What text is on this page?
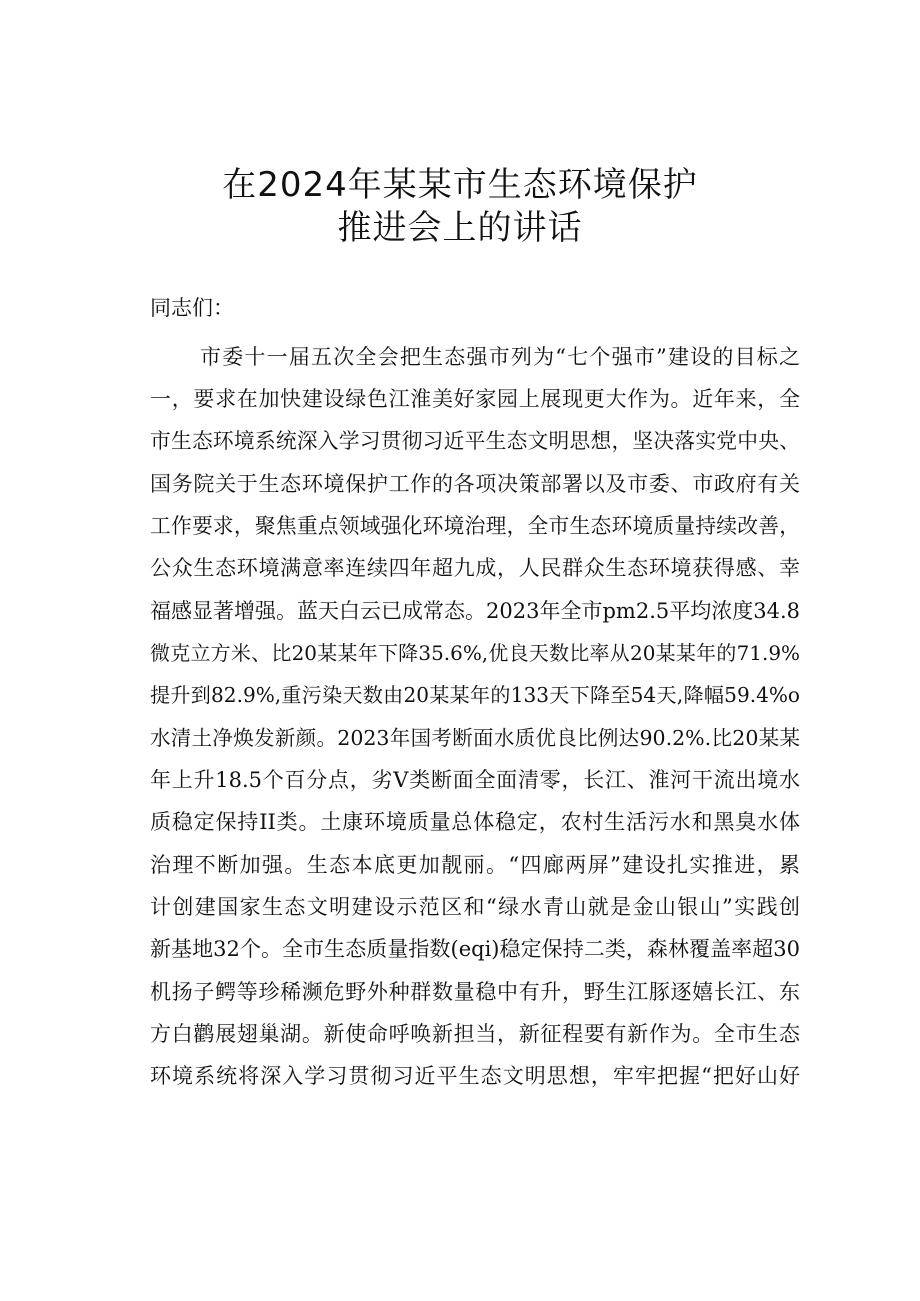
在2024年某某市生态环境保护
推进会上的讲话
同志们：
市委十一届五次全会把生态强市列为“七个强市”建设的目标之
一，要求在加快建设绿色江淮美好家园上展现更大作为。近年来，全
市生态环境系统深入学习贯彻习近平生态文明思想，坚决落实党中央、
国务院关于生态环境保护工作的各项决策部署以及市委、市政府有关
工作要求，聚焦重点领域强化环境治理，全市生态环境质量持续改善，
公众生态环境满意率连续四年超九成，人民群众生态环境获得感、幸
福感显著增强。蓝天白云已成常态。2023年全市pm2.5平均浓度34.8
微克立方米、比20某某年下降35.6%,优良天数比率从20某某年的71.9%
提升到82.9%,重污染天数由20某某年的133天下降至54天,降幅59.4%o
水清土净焕发新颜。2023年国考断面水质优良比例达90.2%.比20某某
年上升18.5个百分点，劣V类断面全面清零，长江、淮河干流出境水
质稳定保持II类。土康环境质量总体稳定，农村生活污水和黑臭水体
治理不断加强。生态本底更加靓丽。“四廊两屏”建设扎实推进，累
计创建国家生态文明建设示范区和“绿水青山就是金山银山”实践创
新基地32个。全市生态质量指数(eqi)稳定保持二类，森林覆盖率超30
机扬子鳄等珍稀濒危野外种群数量稳中有升，野生江豚逐嬉长江、东
方白鹳展翅巢湖。新使命呼唤新担当，新征程要有新作为。全市生态
环境系统将深入学习贯彻习近平生态文明思想，牢牢把握“把好山好
